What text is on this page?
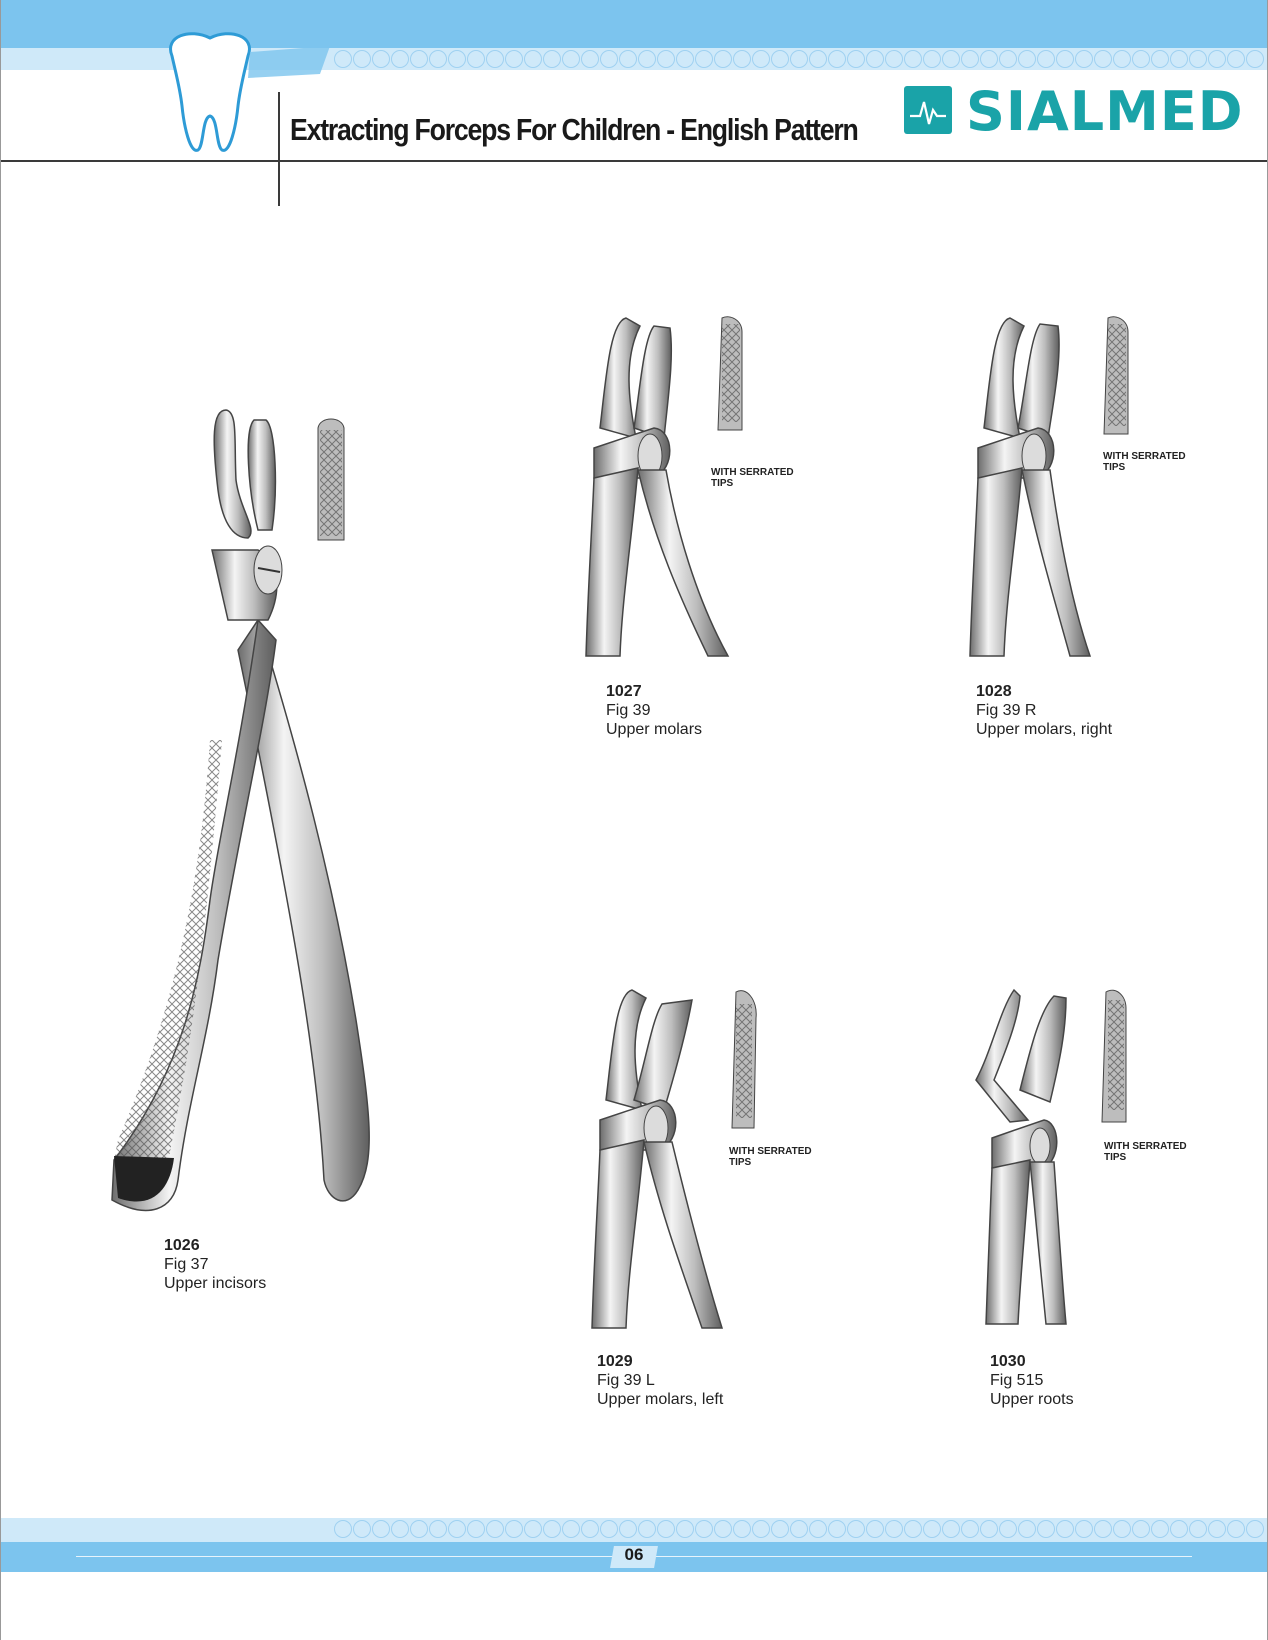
Extracting Forceps For Children - English Pattern SIALMED
1026
Fig 37
Upper incisors
WITH SERRATED TIPS
1027
Fig 39
Upper molars
WITH SERRATED TIPS
1028
Fig 39 R
Upper molars, right
WITH SERRATED TIPS
1029
Fig 39 L
Upper molars, left
WITH SERRATED TIPS
1030
Fig 515
Upper roots
06
